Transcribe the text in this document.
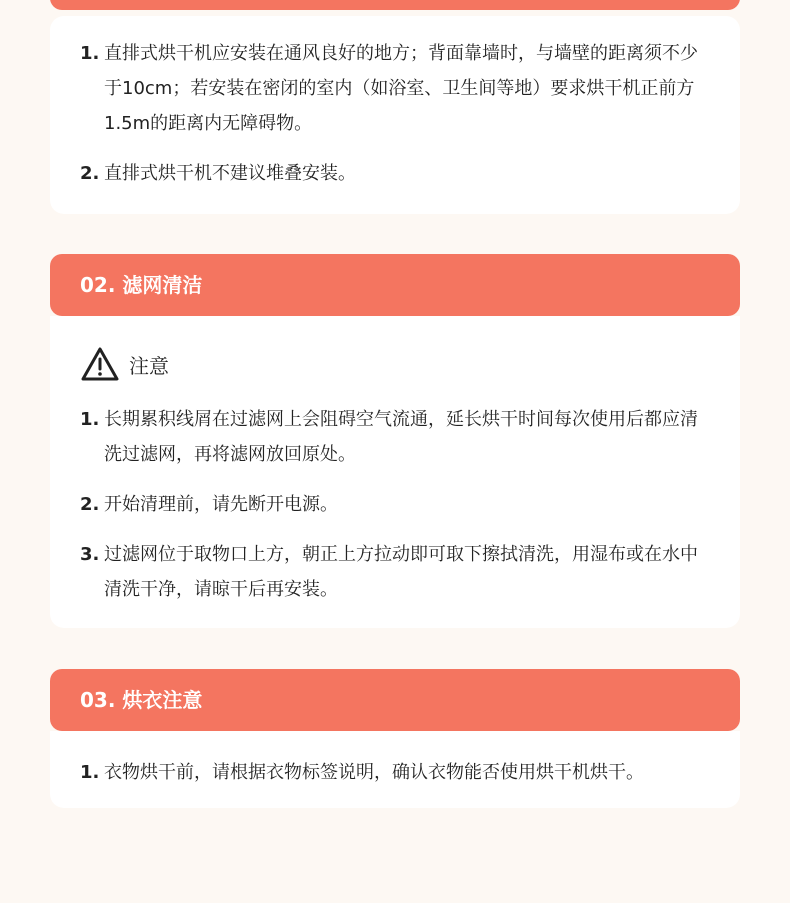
1. 直排式烘干机应安装在通风良好的地方；背面靠墙时，与墙壁的距离须不少于10cm；若安装在密闭的室内（如浴室、卫生间等地）要求烘干机正前方1.5m的距离内无障碍物。
2. 直排式烘干机不建议堆叠安装。
02. 滤网清洁
注意
1. 长期累积线屑在过滤网上会阻碍空气流通，延长烘干时间每次使用后都应清洗过滤网，再将滤网放回原处。
2. 开始清理前，请先断开电源。
3. 过滤网位于取物口上方，朝正上方拉动即可取下擦拭清洗，用湿布或在水中清洗干净，请晾干后再安装。
03. 烘衣注意
1. 衣物烘干前，请根据衣物标签说明，确认衣物能否使用烘干机烘干。
